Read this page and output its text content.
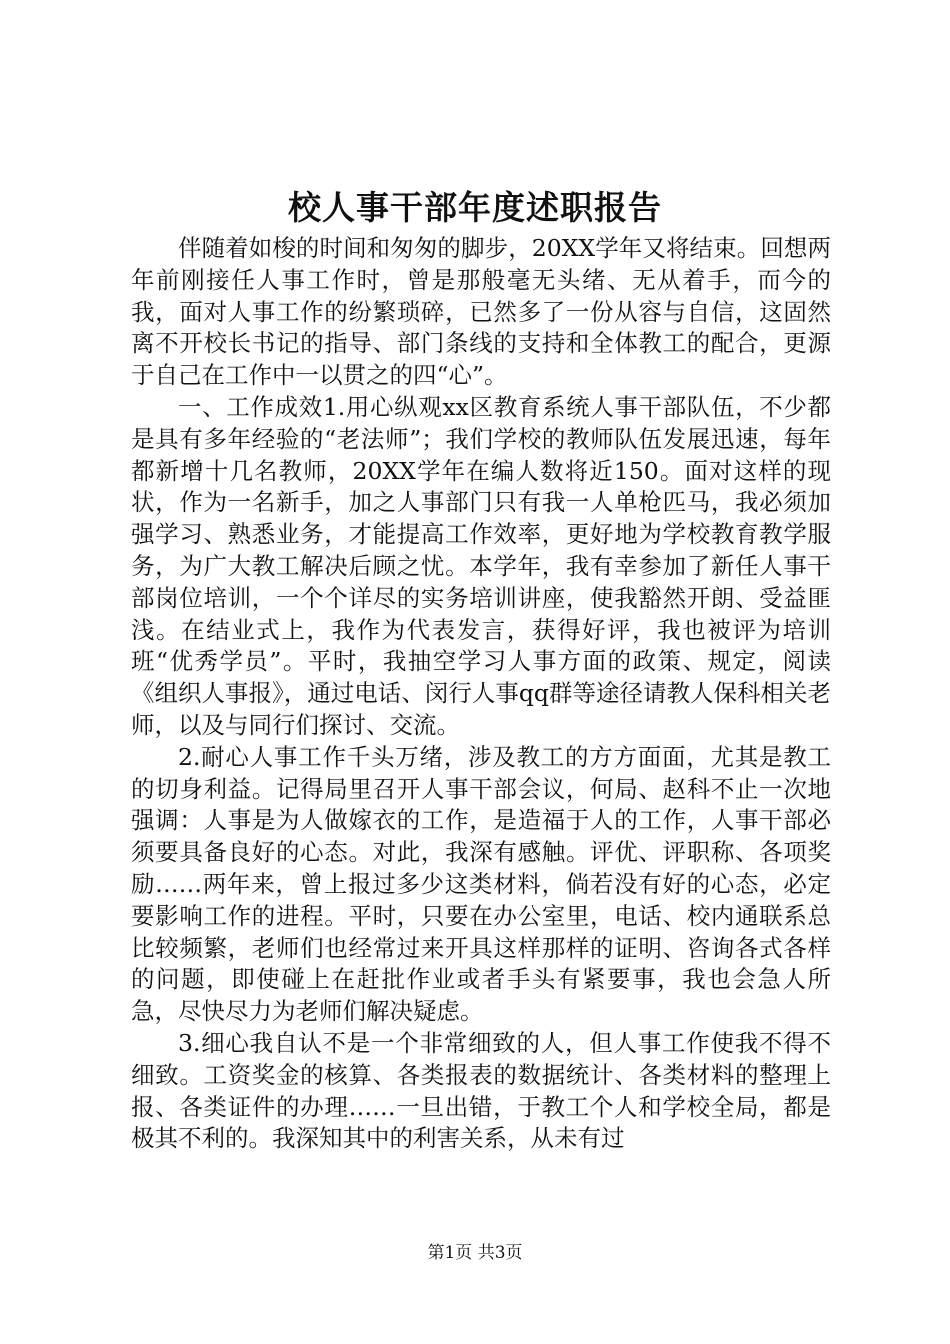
校人事干部年度述职报告

伴随着如梭的时间和匆匆的脚步，20XX学年又将结束。回想两年前刚接任人事工作时，曾是那般毫无头绪、无从着手，而今的我，面对人事工作的纷繁琐碎，已然多了一份从容与自信，这固然离不开校长书记的指导、部门条线的支持和全体教工的配合，更源于自己在工作中一以贯之的四“心”。

一、工作成效1.用心纵观xx区教育系统人事干部队伍，不少都是具有多年经验的“老法师”；我们学校的教师队伍发展迅速，每年都新增十几名教师，20XX学年在编人数将近150。面对这样的现状，作为一名新手，加之人事部门只有我一人单枪匹马，我必须加强学习、熟悉业务，才能提高工作效率，更好地为学校教育教学服务，为广大教工解决后顾之忧。本学年，我有幸参加了新任人事干部岗位培训，一个个详尽的实务培训讲座，使我豁然开朗、受益匪浅。在结业式上，我作为代表发言，获得好评，我也被评为培训班“优秀学员”。平时，我抽空学习人事方面的政策、规定，阅读《组织人事报》，通过电话、闵行人事qq群等途径请教人保科相关老师，以及与同行们探讨、交流。

2.耐心人事工作千头万绪，涉及教工的方方面面，尤其是教工的切身利益。记得局里召开人事干部会议，何局、赵科不止一次地强调：人事是为人做嫁衣的工作，是造福于人的工作，人事干部必须要具备良好的心态。对此，我深有感触。评优、评职称、各项奖励……两年来，曾上报过多少这类材料，倘若没有好的心态，必定要影响工作的进程。平时，只要在办公室里，电话、校内通联系总比较频繁，老师们也经常过来开具这样那样的证明、咨询各式各样的问题，即使碰上在赶批作业或者手头有紧要事，我也会急人所急，尽快尽力为老师们解决疑虑。

3.细心我自认不是一个非常细致的人，但人事工作使我不得不细致。工资奖金的核算、各类报表的数据统计、各类材料的整理上报、各类证件的办理……一旦出错，于教工个人和学校全局，都是极其不利的。我深知其中的利害关系，从未有过

第1页 共3页
